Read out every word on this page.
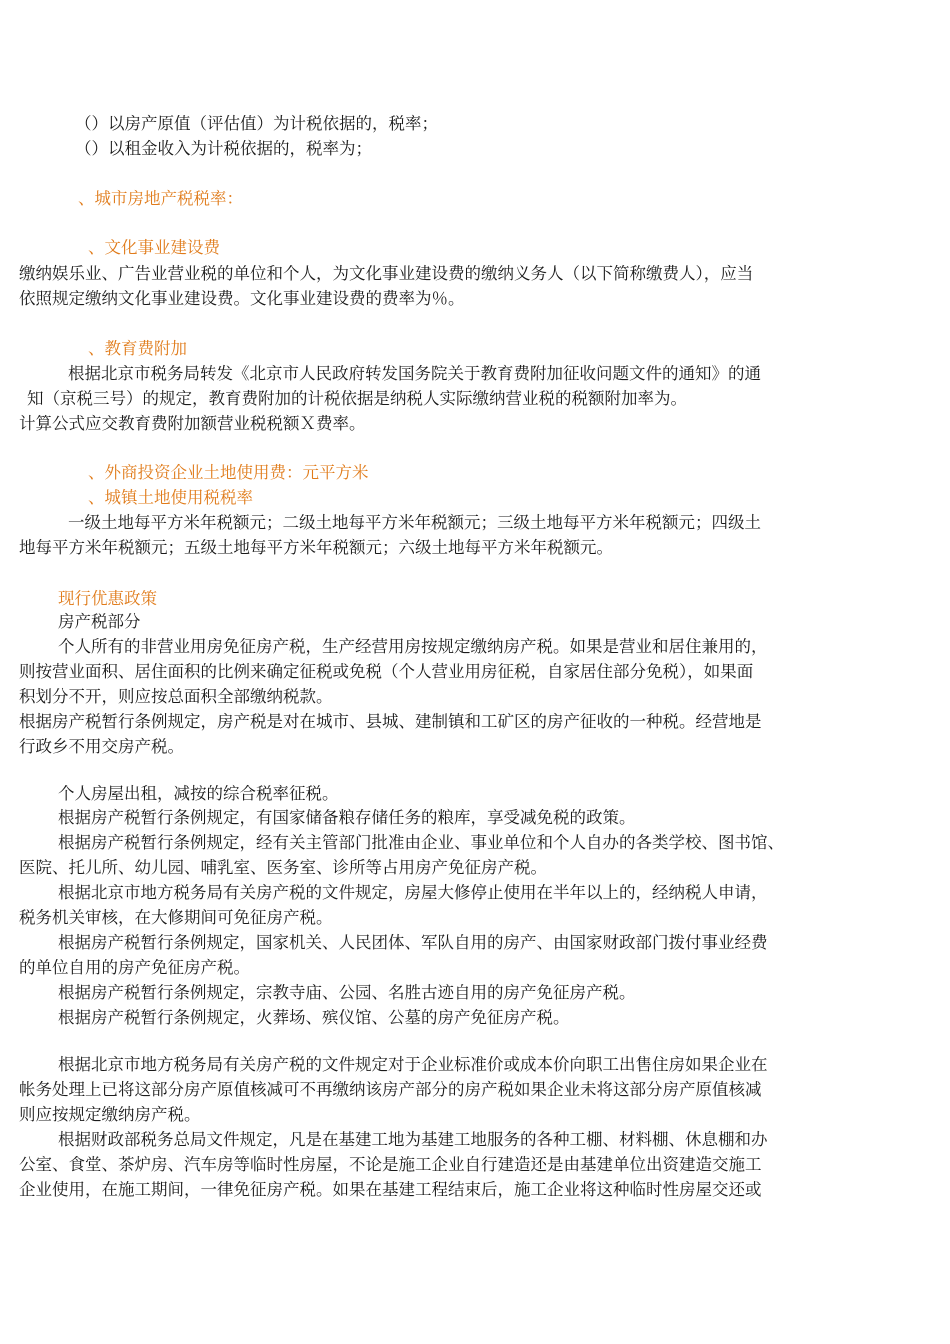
（）以房产原值（评估值）为计税依据的，税率；
（）以租金收入为计税依据的，税率为；
、城市房地产税税率：
、文化事业建设费
缴纳娱乐业、广告业营业税的单位和个人，为文化事业建设费的缴纳义务人（以下简称缴费人），应当
依照规定缴纳文化事业建设费。文化事业建设费的费率为％。
、教育费附加
根据北京市税务局转发《北京市人民政府转发国务院关于教育费附加征收问题文件的通知》的通
知（京税三号）的规定，教育费附加的计税依据是纳税人实际缴纳营业税的税额附加率为。
计算公式应交教育费附加额营业税税额Ｘ费率。
、外商投资企业土地使用费：元平方米
、城镇土地使用税税率
一级土地每平方米年税额元；二级土地每平方米年税额元；三级土地每平方米年税额元；四级土
地每平方米年税额元；五级土地每平方米年税额元；六级土地每平方米年税额元。
现行优惠政策
房产税部分
个人所有的非营业用房免征房产税，生产经营用房按规定缴纳房产税。如果是营业和居住兼用的，
则按营业面积、居住面积的比例来确定征税或免税（个人营业用房征税，自家居住部分免税），如果面
积划分不开，则应按总面积全部缴纳税款。
根据房产税暂行条例规定，房产税是对在城市、县城、建制镇和工矿区的房产征收的一种税。经营地是
行政乡不用交房产税。
个人房屋出租，减按的综合税率征税。
根据房产税暂行条例规定，有国家储备粮存储任务的粮库，享受减免税的政策。
根据房产税暂行条例规定，经有关主管部门批准由企业、事业单位和个人自办的各类学校、图书馆、
医院、托儿所、幼儿园、哺乳室、医务室、诊所等占用房产免征房产税。
根据北京市地方税务局有关房产税的文件规定，房屋大修停止使用在半年以上的，经纳税人申请，
税务机关审核，在大修期间可免征房产税。
根据房产税暂行条例规定，国家机关、人民团体、军队自用的房产、由国家财政部门拨付事业经费
的单位自用的房产免征房产税。
根据房产税暂行条例规定，宗教寺庙、公园、名胜古迹自用的房产免征房产税。
根据房产税暂行条例规定，火葬场、殡仪馆、公墓的房产免征房产税。
根据北京市地方税务局有关房产税的文件规定对于企业标准价或成本价向职工出售住房如果企业在
帐务处理上已将这部分房产原值核减可不再缴纳该房产部分的房产税如果企业未将这部分房产原值核减
则应按规定缴纳房产税。
根据财政部税务总局文件规定，凡是在基建工地为基建工地服务的各种工棚、材料棚、休息棚和办
公室、食堂、茶炉房、汽车房等临时性房屋，不论是施工企业自行建造还是由基建单位出资建造交施工
企业使用，在施工期间，一律免征房产税。如果在基建工程结束后，施工企业将这种临时性房屋交还或
